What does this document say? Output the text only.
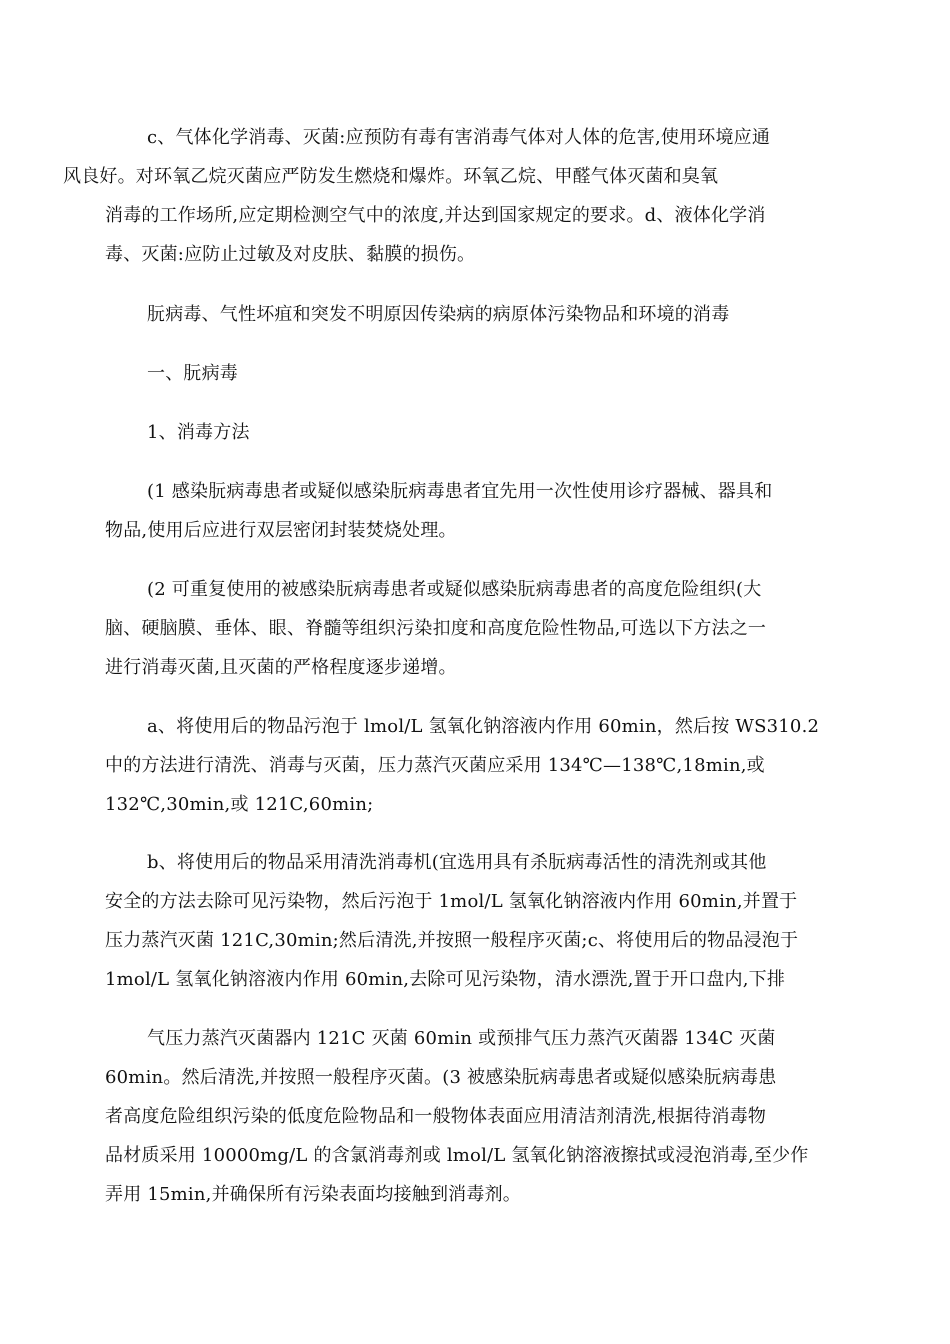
c、气体化学消毒、灭菌:应预防有毒有害消毒气体对人体的危害,使用环境应通
风良好。对环氧乙烷灭菌应严防发生燃烧和爆炸。环氧乙烷、甲醛气体灭菌和臭氧
消毒的工作场所,应定期检测空气中的浓度,并达到国家规定的要求。d、液体化学消
毒、灭菌:应防止过敏及对皮肤、黏膜的损伤。
朊病毒、气性坏疽和突发不明原因传染病的病原体污染物品和环境的消毒
一、朊病毒
1、消毒方法
(1 感染朊病毒患者或疑似感染朊病毒患者宜先用一次性使用诊疗器械、器具和
物品,使用后应进行双层密闭封装焚烧处理。
(2 可重复使用的被感染朊病毒患者或疑似感染朊病毒患者的高度危险组织(大
脑、硬脑膜、垂体、眼、脊髓等组织污染扣度和高度危险性物品,可选以下方法之一
进行消毒灭菌,且灭菌的严格程度逐步递增。
a、将使用后的物品污泡于 lmol/L 氢氧化钠溶液内作用 60min，然后按 WS310.2
中的方法进行清洗、消毒与灭菌，压力蒸汽灭菌应采用 134℃—138℃,18min,或
132℃,30min,或 121C,60min;
b、将使用后的物品采用清洗消毒机(宜选用具有杀朊病毒活性的清洗剂或其他
安全的方法去除可见污染物，然后污泡于 1mol/L 氢氧化钠溶液内作用 60min,并置于
压力蒸汽灭菌 121C,30min;然后清洗,并按照一般程序灭菌;c、将使用后的物品浸泡于
1mol/L 氢氧化钠溶液内作用 60min,去除可见污染物，清水漂洗,置于开口盘内,下排
气压力蒸汽灭菌器内 121C 灭菌 60min 或预排气压力蒸汽灭菌器 134C 灭菌
60min。然后清洗,并按照一般程序灭菌。(3 被感染朊病毒患者或疑似感染朊病毒患
者高度危险组织污染的低度危险物品和一般物体表面应用清洁剂清洗,根据待消毒物
品材质采用 10000mg/L 的含氯消毒剂或 lmol/L 氢氧化钠溶液擦拭或浸泡消毒,至少作
弄用 15min,并确保所有污染表面均接触到消毒剂。
